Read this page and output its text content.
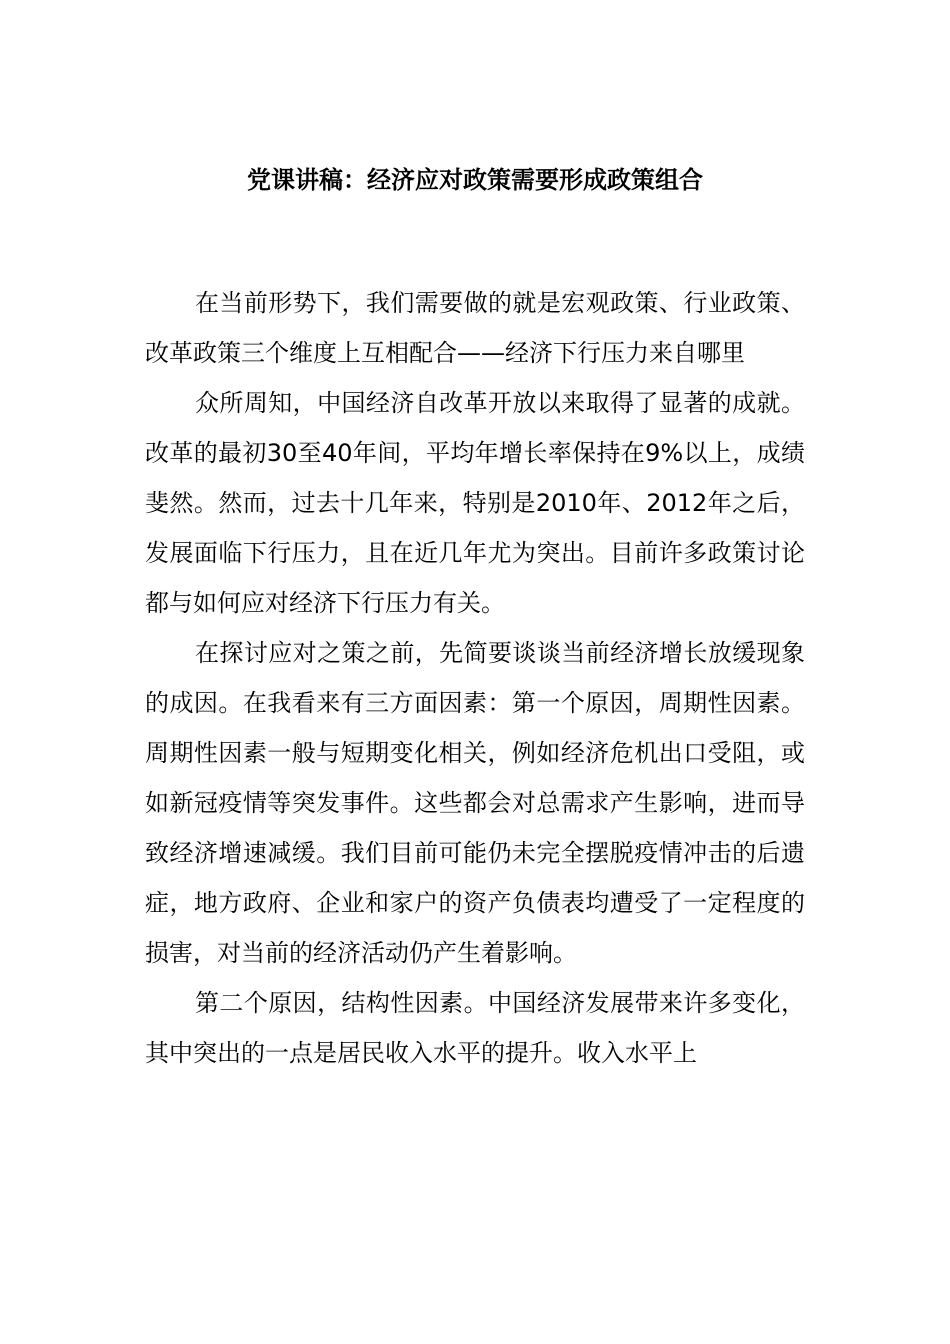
党课讲稿：经济应对政策需要形成政策组合

在当前形势下，我们需要做的就是宏观政策、行业政策、改革政策三个维度上互相配合——经济下行压力来自哪里

众所周知，中国经济自改革开放以来取得了显著的成就。改革的最初30至40年间，平均年增长率保持在9%以上，成绩斐然。然而，过去十几年来，特别是2010年、2012年之后，发展面临下行压力，且在近几年尤为突出。目前许多政策讨论都与如何应对经济下行压力有关。

在探讨应对之策之前，先简要谈谈当前经济增长放缓现象的成因。在我看来有三方面因素：第一个原因，周期性因素。周期性因素一般与短期变化相关，例如经济危机出口受阻，或如新冠疫情等突发事件。这些都会对总需求产生影响，进而导致经济增速减缓。我们目前可能仍未完全摆脱疫情冲击的后遗症，地方政府、企业和家户的资产负债表均遭受了一定程度的损害，对当前的经济活动仍产生着影响。

第二个原因，结构性因素。中国经济发展带来许多变化，其中突出的一点是居民收入水平的提升。收入水平上
